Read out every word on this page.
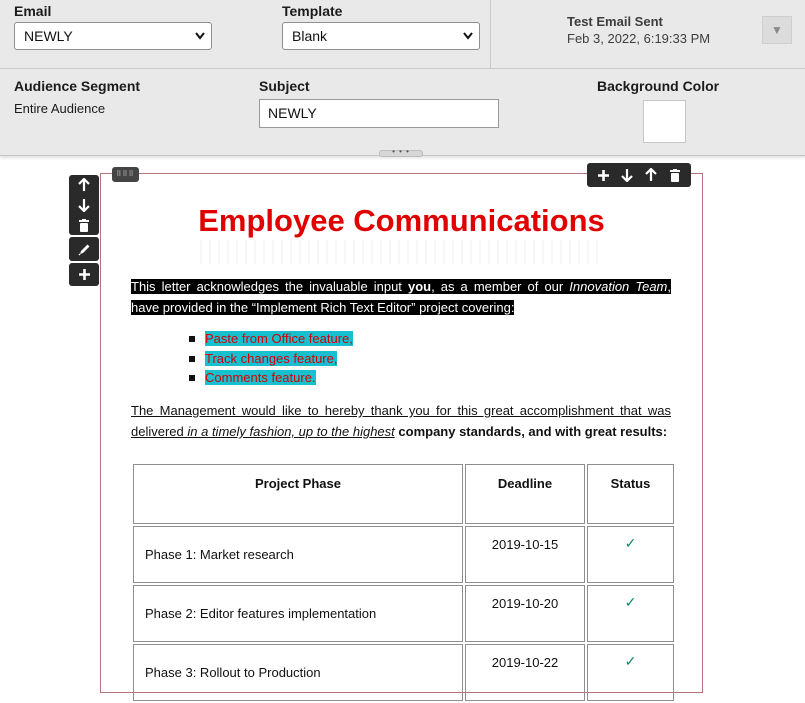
Email
NEWLY
Template
Blank
Test Email Sent
Feb 3, 2022, 6:19:33 PM
▼
Audience Segment
Entire Audience
Subject
NEWLY
Background Color
• • •
⠿⠿⠿
Employee Communications
This letter acknowledges the invaluable input you, as a member of our Innovation Team, have provided in the “Implement Rich Text Editor” project covering:
Paste from Office feature,
Track changes feature,
Comments feature.
The Management would like to hereby thank you for this great accomplishment that was delivered in a timely fashion, up to the highest company standards, and with great results:
Project Phase	Deadline	Status
Phase 1: Market research	2019-10-15	✓
Phase 2: Editor features implementation	2019-10-20	✓
Phase 3: Rollout to Production	2019-10-22	✓
